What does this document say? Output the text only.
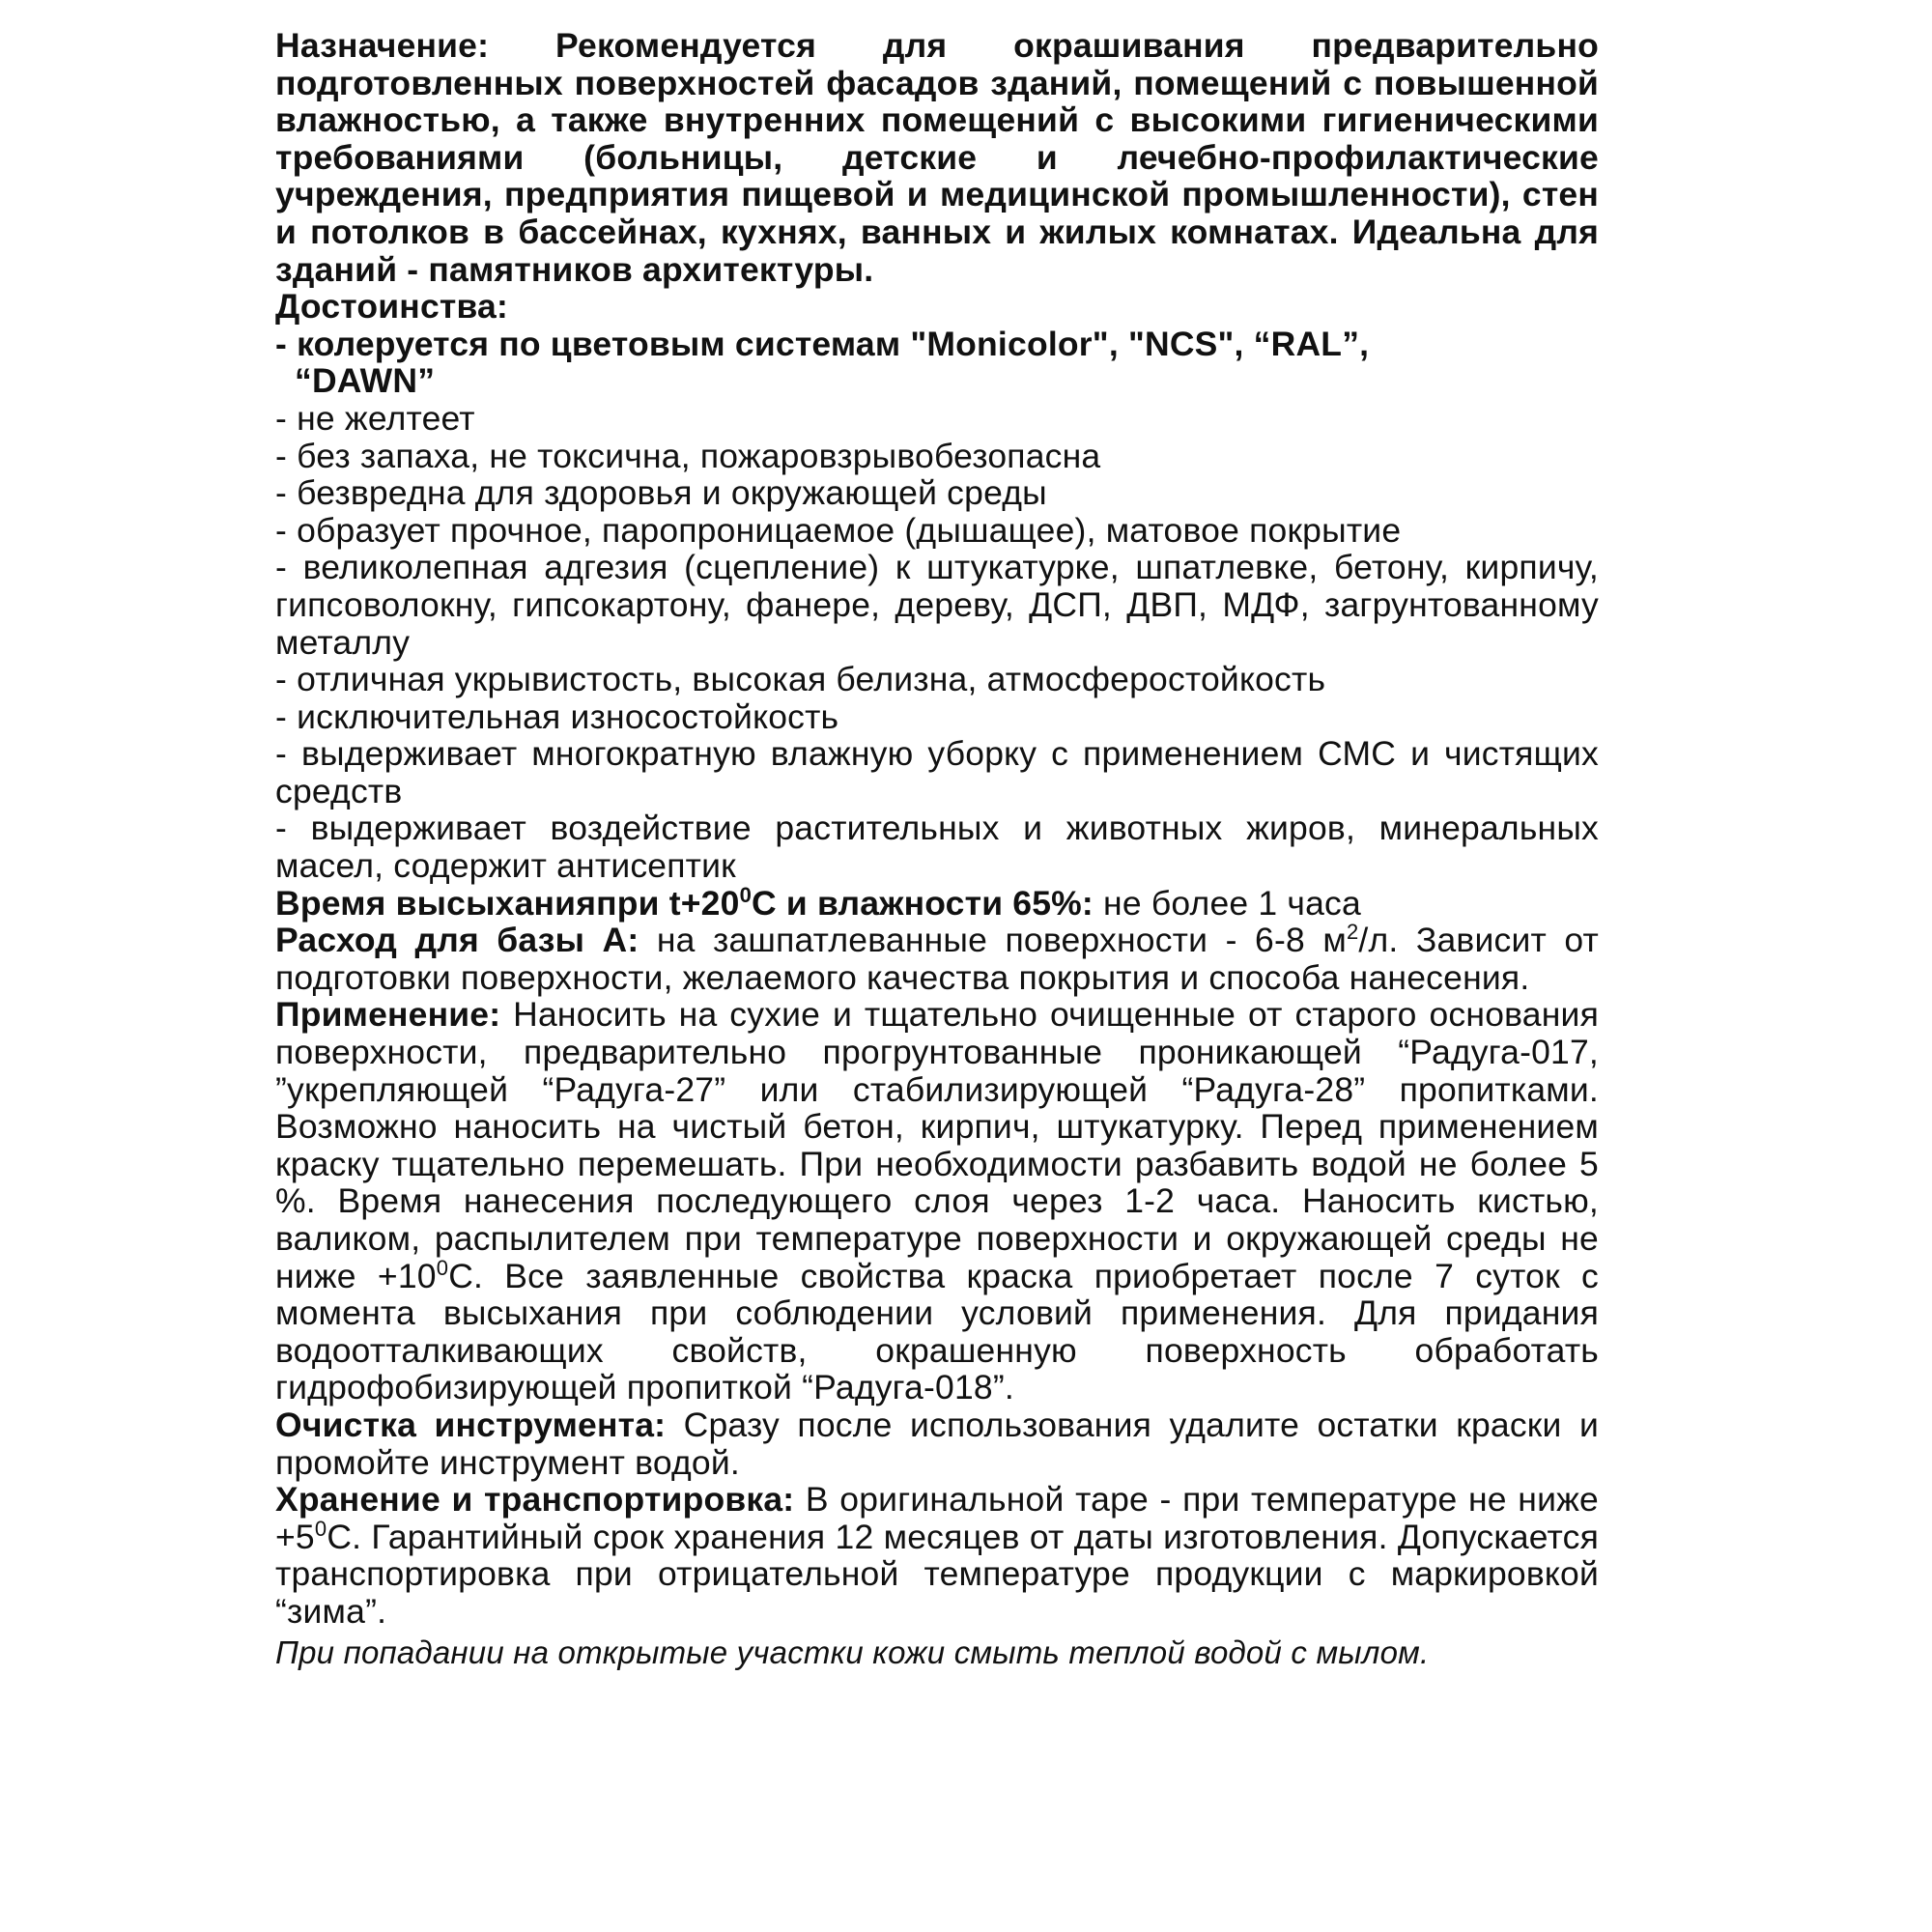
Назначение: Рекомендуется для окрашивания предварительно подготовленных поверхностей фасадов зданий, помещений с повышенной влажностью, а также внутренних помещений с высокими гигиеническими требованиями (больницы, детские и лечебно-профилактические учреждения, предприятия пищевой и медицинской промышленности), стен и потолков в бассейнах, кухнях, ванных и жилых комнатах. Идеальна для зданий - памятников архитектуры.

Достоинства:

- колеруется по цветовым системам "Monicolor", "NCS", “RAL”,

“DAWN”

- не желтеет

- без запаха, не токсична, пожаровзрывобезопасна

- безвредна для здоровья и окружающей среды

- образует прочное, паропроницаемое (дышащее), матовое покрытие

- великолепная адгезия (сцепление) к штукатурке, шпатлевке, бетону, кирпичу, гипсоволокну, гипсокартону, фанере, дереву, ДСП, ДВП, МДФ, загрунтованному металлу

- отличная укрывистость, высокая белизна, атмосферостойкость

- исключительная износостойкость

- выдерживает многократную влажную уборку с применением СМС и чистящих средств

- выдерживает воздействие растительных и животных жиров, минеральных масел, содержит антисептик

Время высыханияпри $t+20^0С$ и влажности 65%: не более 1 часа

Расход для базы А: на зашпатлеванные поверхности - 6-8 $м^2/л$. Зависит от подготовки поверхности, желаемого качества покрытия и способа нанесения.

Применение: Наносить на сухие и тщательно очищенные от старого основания поверхности, предварительно прогрунтованные проникающей “Радуга-017, ”укрепляющей “Радуга-27” или стабилизирующей “Радуга-28” пропитками. Возможно наносить на чистый бетон, кирпич, штукатурку. Перед применением краску тщательно перемешать. При необходимости разбавить водой не более 5 %. Время нанесения последующего слоя через 1-2 часа. Наносить кистью, валиком, распылителем при температуре поверхности и окружающей среды не ниже $+10^0С$. Все заявленные свойства краска приобретает после 7 суток с момента высыхания при соблюдении условий применения. Для придания водоотталкивающих свойств, окрашенную поверхность обработать гидрофобизирующей пропиткой “Радуга-018”.

Очистка инструмента: Сразу после использования удалите остатки краски и промойте инструмент водой.

Хранение и транспортировка: В оригинальной таре - при температуре не ниже $+5^0С$. Гарантийный срок хранения 12 месяцев от даты изготовления. Допускается транспортировка при отрицательной температуре продукции с маркировкой “зима”.

При попадании на открытые участки кожи смыть теплой водой с мылом.
